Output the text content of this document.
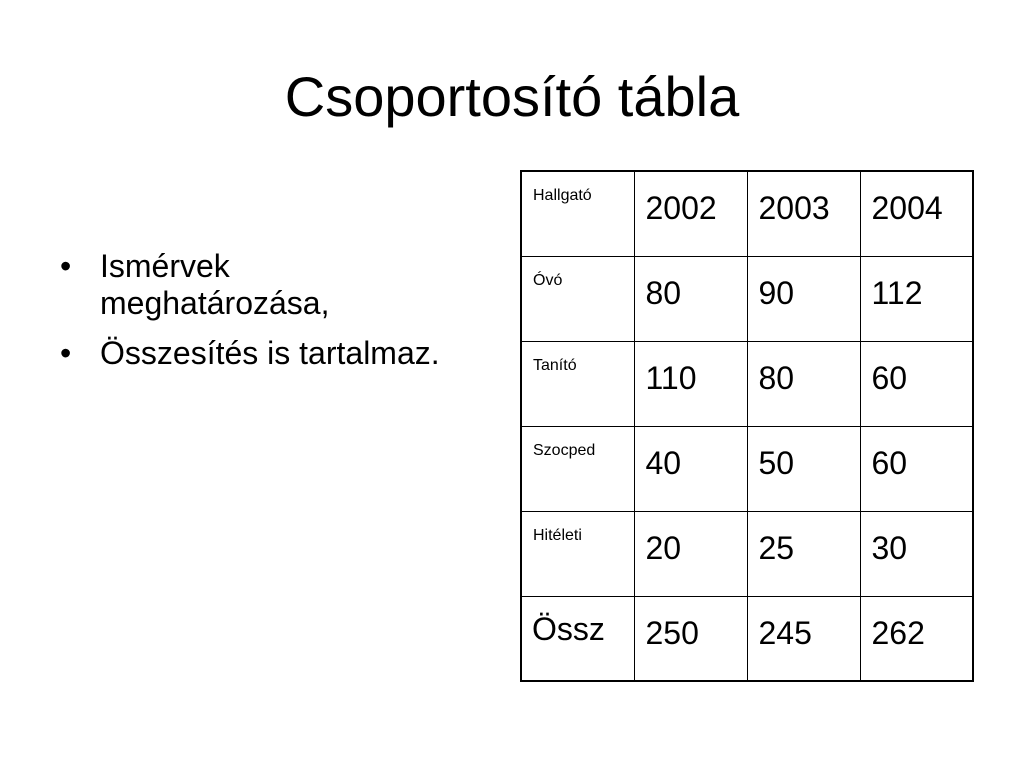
Csoportosító tábla
• Ismérvek meghatározása,
• Összesítés is tartalmaz.
Hallgató	2002	2003	2004
Óvó	80	90	112
Tanító	110	80	60
Szocped	40	50	60
Hitéleti	20	25	30
Össz	250	245	262
